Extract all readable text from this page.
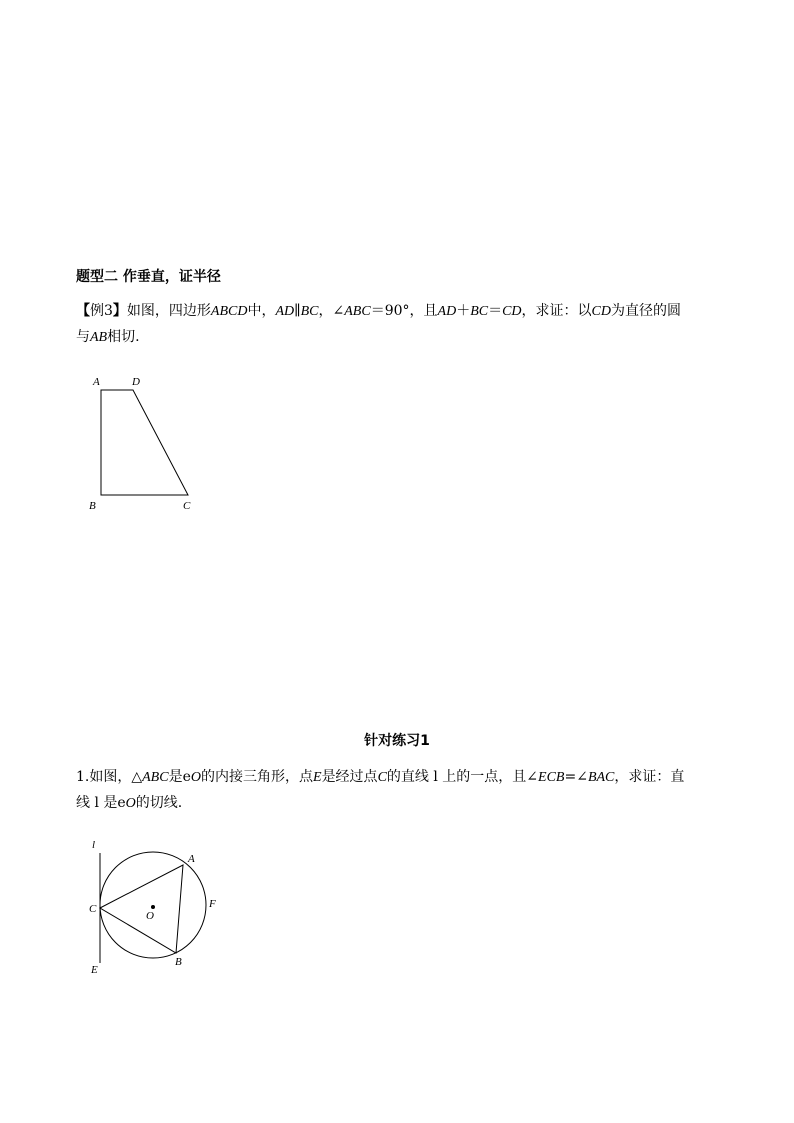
题型二 作垂直，证半径
【例3】如图，四边形ABCD中，AD∥BC，∠ABC＝90°，且AD＋BC＝CD，求证：以CD为直径的圆
与AB相切.
A	D
B	C
针对练习1
1.如图，△ABC是eO的内接三角形，点E是经过点C的直线 l 上的一点，且∠ECB=∠BAC，求证：直
线 l 是eO的切线.
l
A
C
O
F
B
E
